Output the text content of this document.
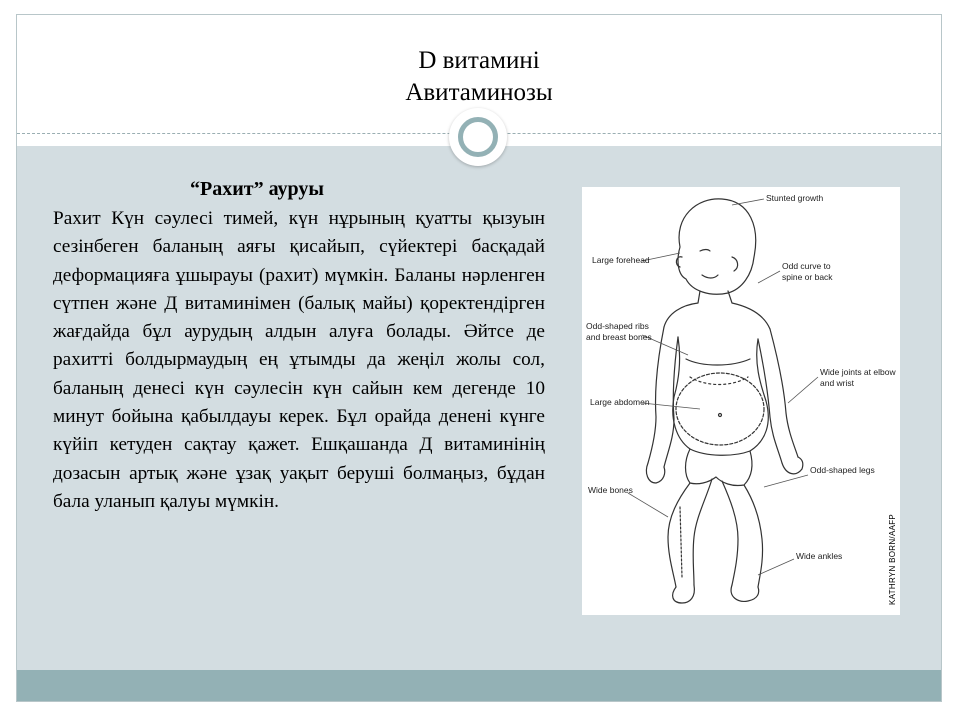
D витамині
Авитаминозы
“Рахит” ауруы
Рахит Күн сәулесі тимей, күн нұрының қуатты қызуын сезінбеген баланың аяғы қисайып, сүйектері басқадай деформацияға ұшырауы (рахит) мүмкін. Баланы нәрленген сүтпен және Д витаминімен (балық майы) қоректендірген жағдайда бұл аурудың алдын алуға болады. Әйтсе де рахитті болдырмаудың ең ұтымды да жеңіл жолы сол, баланың денесі күн сәулесін күн сайын кем дегенде 10 минут бойына қабылдауы керек. Бұл орайда денені күнге күйіп кетуден сақтау қажет. Ешқашанда Д витаминінің дозасын артық және ұзақ уақыт беруші болмаңыз, бұдан бала уланып қалуы мүмкін.
Stunted growth
Large forehead
Odd curve to
spine or back
Odd-shaped ribs
and breast bones
Wide joints at elbow
and wrist
Large abdomen
Odd-shaped legs
Wide bones
Wide ankles	KATHRYN BORN/AAFP
